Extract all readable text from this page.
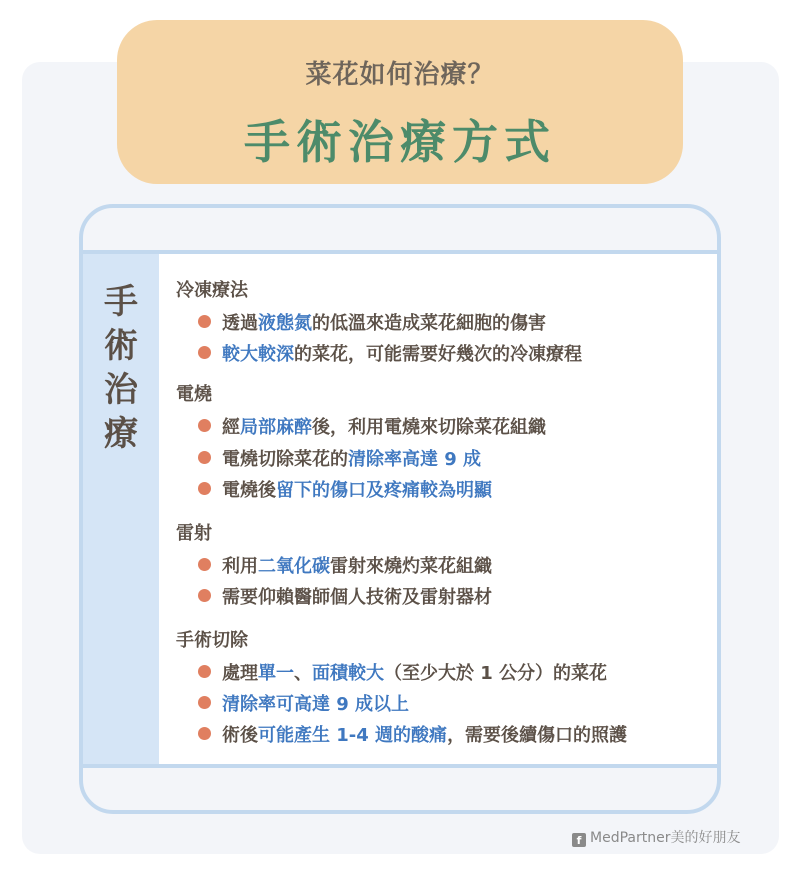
菜花如何治療？
手術治療方式
手術治療
冷凍療法
透過液態氮的低溫來造成菜花細胞的傷害
較大較深的菜花，可能需要好幾次的冷凍療程
電燒
經局部麻醉後，利用電燒來切除菜花組織
電燒切除菜花的清除率高達 9 成
電燒後留下的傷口及疼痛較為明顯
雷射
利用二氧化碳雷射來燒灼菜花組織
需要仰賴醫師個人技術及雷射器材
手術切除
處理單一、面積較大（至少大於 1 公分）的菜花
清除率可高達 9 成以上
術後可能產生 1-4 週的酸痛，需要後續傷口的照護
f MedPartner美的好朋友
